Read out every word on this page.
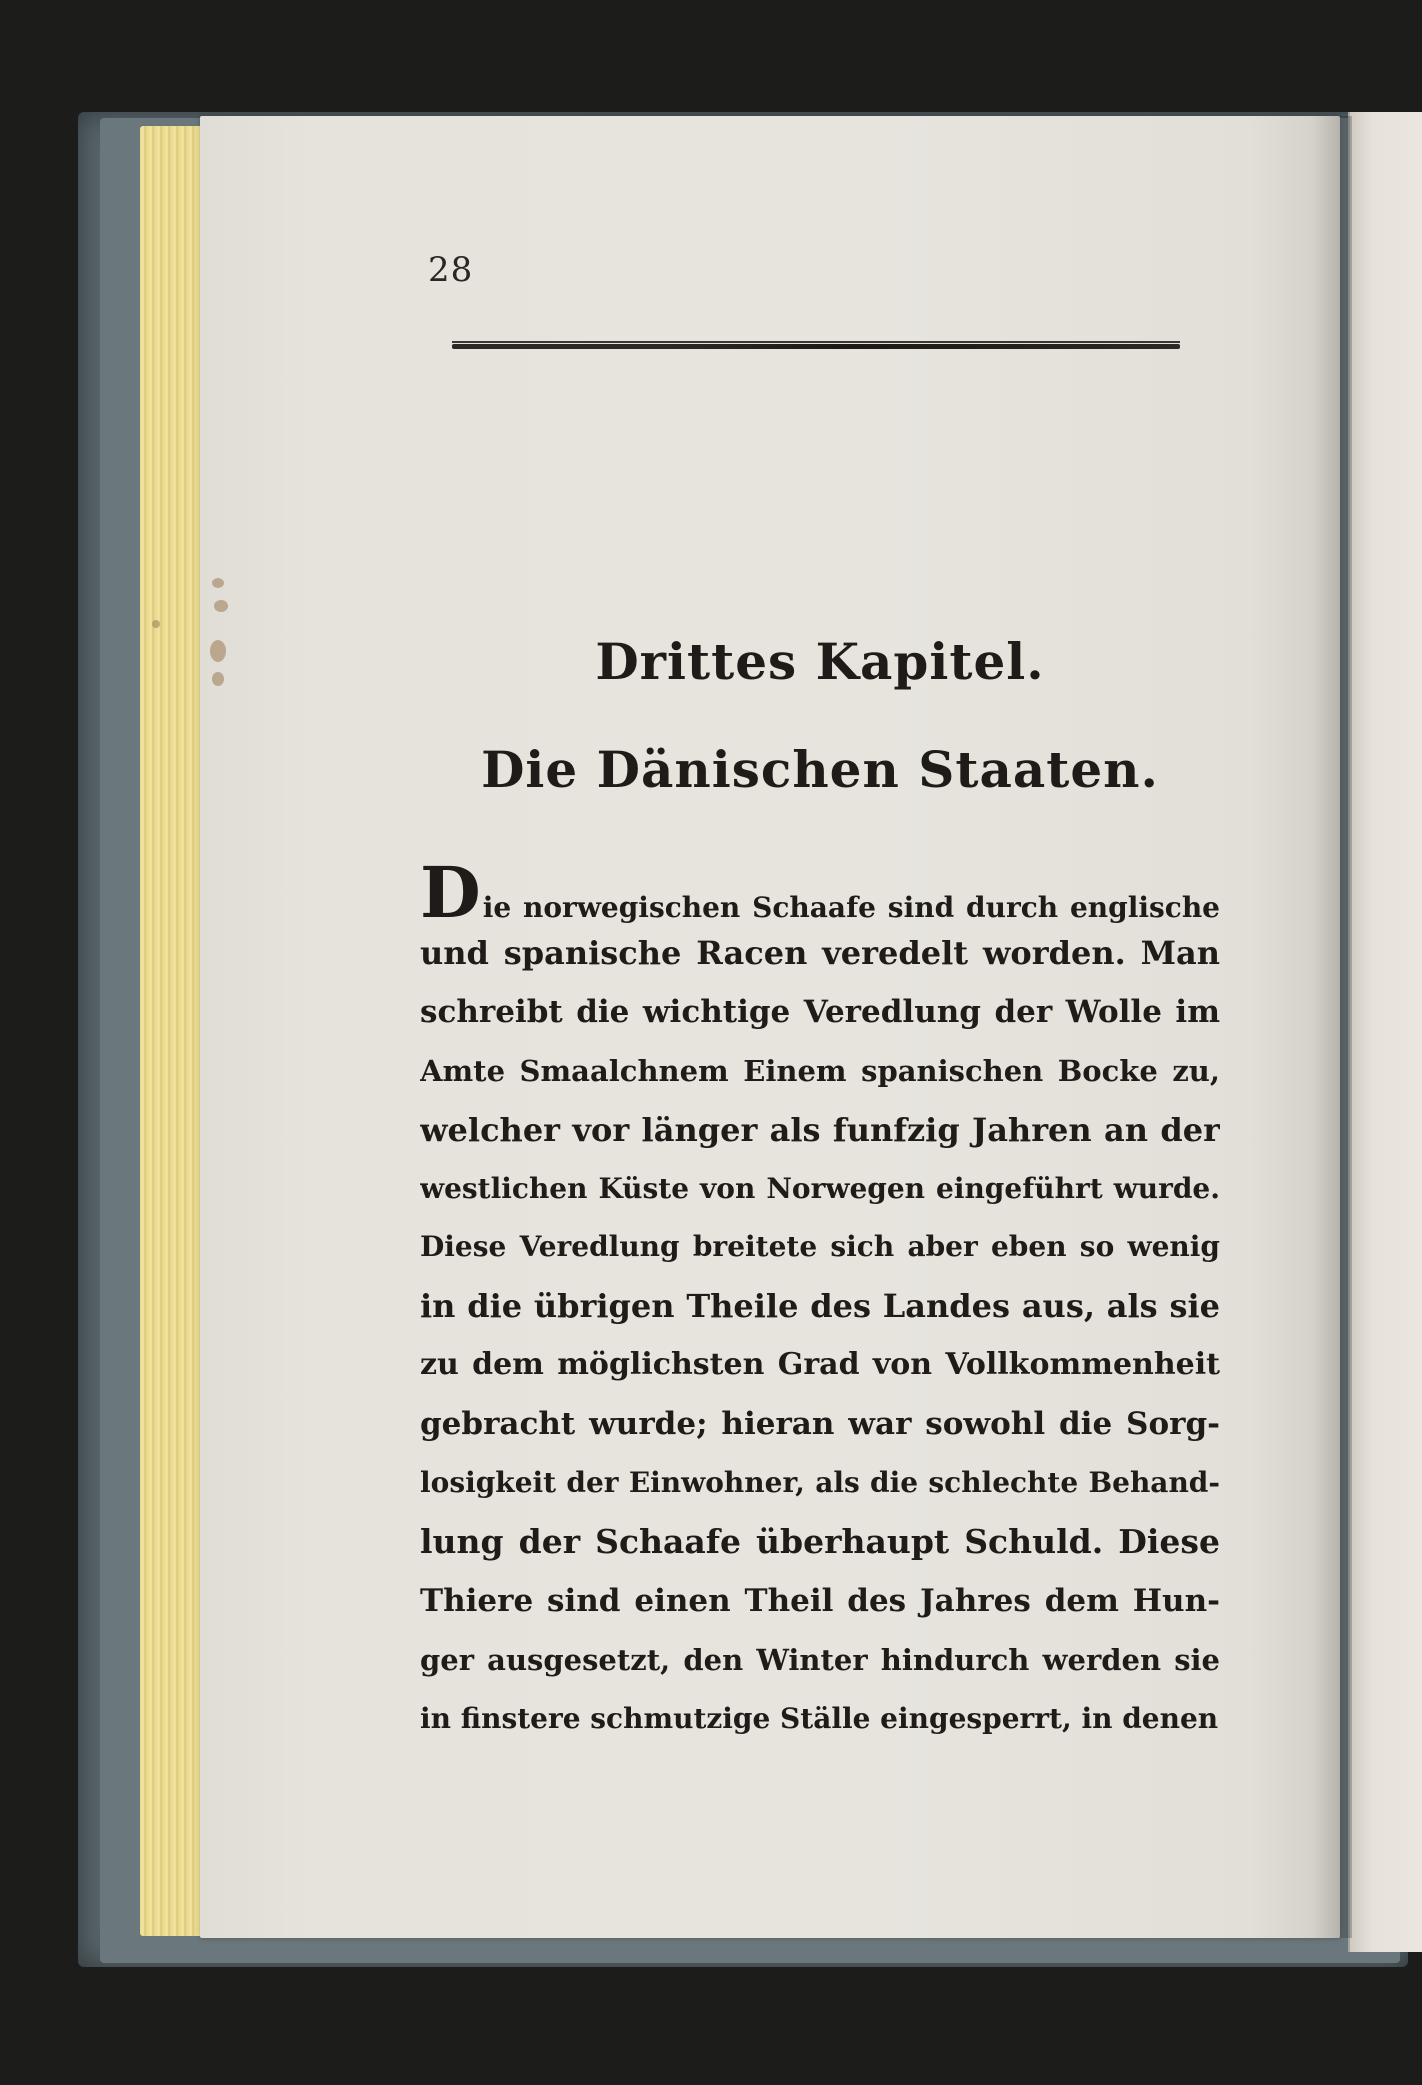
28
Drittes Kapitel.
Die Dänischen Staaten.
Die norwegischen Schaafe sind durch englische
und spanische Racen veredelt worden. Man
schreibt die wichtige Veredlung der Wolle im
Amte Smaalchnem Einem spanischen Bocke zu,
welcher vor länger als funfzig Jahren an der
westlichen Küste von Norwegen eingeführt wurde.
Diese Veredlung breitete sich aber eben so wenig
in die übrigen Theile des Landes aus, als sie
zu dem möglichsten Grad von Vollkommenheit
gebracht wurde; hieran war sowohl die Sorg-
losigkeit der Einwohner, als die schlechte Behand-
lung der Schaafe überhaupt Schuld. Diese
Thiere sind einen Theil des Jahres dem Hun-
ger ausgesetzt, den Winter hindurch werden sie
in finstere schmutzige Ställe eingesperrt, in denen
